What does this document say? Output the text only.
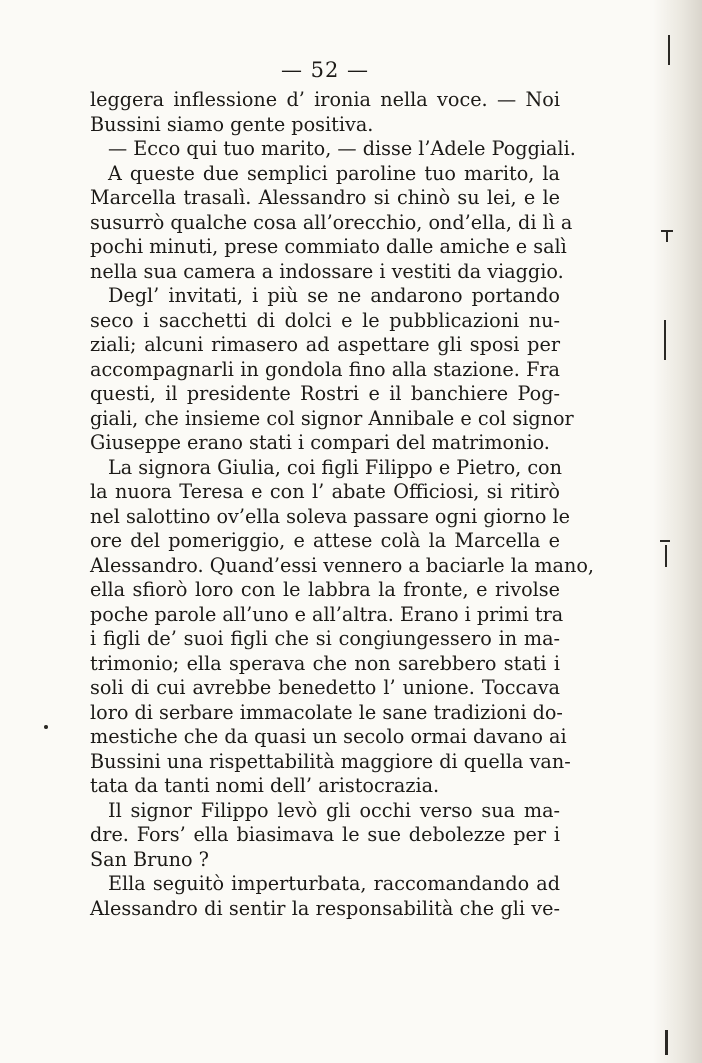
— 52 —
leggera inflessione d’ ironia nella voce. — Noi
Bussini siamo gente positiva.
— Ecco qui tuo marito, — disse l’Adele Poggiali.
A queste due semplici paroline tuo marito, la
Marcella trasalì. Alessandro si chinò su lei, e le
susurrò qualche cosa all’orecchio, ond’ella, di lì a
pochi minuti, prese commiato dalle amiche e salì
nella sua camera a indossare i vestiti da viaggio.
Degl’ invitati, i più se ne andarono portando
seco i sacchetti di dolci e le pubblicazioni nu-
ziali; alcuni rimasero ad aspettare gli sposi per
accompagnarli in gondola fino alla stazione. Fra
questi, il presidente Rostri e il banchiere Pog-
giali, che insieme col signor Annibale e col signor
Giuseppe erano stati i compari del matrimonio.
La signora Giulia, coi figli Filippo e Pietro, con
la nuora Teresa e con l’ abate Officiosi, si ritirò
nel salottino ov’ella soleva passare ogni giorno le
ore del pomeriggio, e attese colà la Marcella e
Alessandro. Quand’essi vennero a baciarle la mano,
ella sfiorò loro con le labbra la fronte, e rivolse
poche parole all’uno e all’altra. Erano i primi tra
i figli de’ suoi figli che si congiungessero in ma-
trimonio; ella sperava che non sarebbero stati i
soli di cui avrebbe benedetto l’ unione. Toccava
loro di serbare immacolate le sane tradizioni do-
mestiche che da quasi un secolo ormai davano ai
Bussini una rispettabilità maggiore di quella van-
tata da tanti nomi dell’ aristocrazia.
Il signor Filippo levò gli occhi verso sua ma-
dre. Fors’ ella biasimava le sue debolezze per i
San Bruno ?
Ella seguitò imperturbata, raccomandando ad
Alessandro di sentir la responsabilità che gli ve-
